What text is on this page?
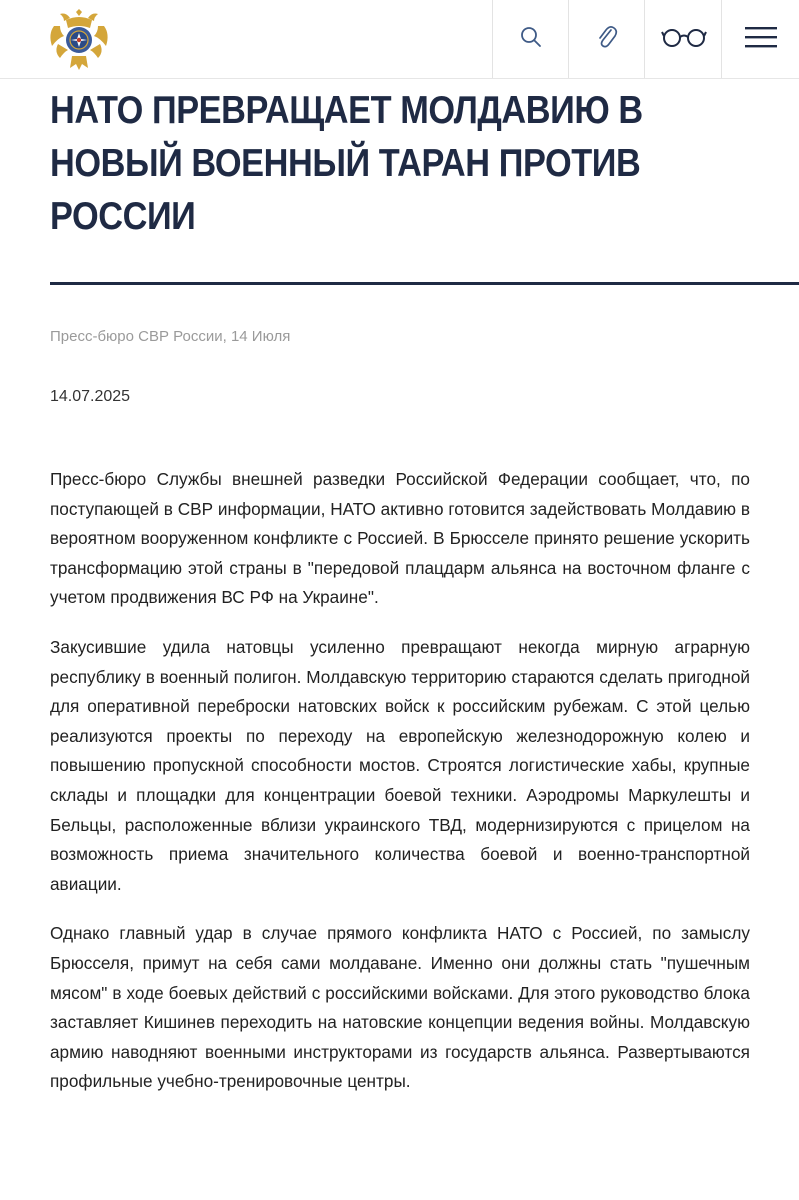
НАТО ПРЕВРАЩАЕТ МОЛДАВИЮ В НОВЫЙ ВОЕННЫЙ ТАРАН ПРОТИВ РОССИИ
Пресс-бюро СВР России, 14 Июля
14.07.2025

Пресс-бюро Службы внешней разведки Российской Федерации сообщает, что, по поступающей в СВР информации, НАТО активно готовится задействовать Молдавию в вероятном вооруженном конфликте с Россией. В Брюсселе принято решение ускорить трансформацию этой страны в "передовой плацдарм альянса на восточном фланге с учетом продвижения ВС РФ на Украине".

Закусившие удила натовцы усиленно превращают некогда мирную аграрную республику в военный полигон. Молдавскую территорию стараются сделать пригодной для оперативной переброски натовских войск к российским рубежам. С этой целью реализуются проекты по переходу на европейскую железнодорожную колею и повышению пропускной способности мостов. Строятся логистические хабы, крупные склады и площадки для концентрации боевой техники. Аэродромы Маркулешты и Бельцы, расположенные вблизи украинского ТВД, модернизируются с прицелом на возможность приема значительного количества боевой и военно-транспортной авиации.

Однако главный удар в случае прямого конфликта НАТО с Россией, по замыслу Брюсселя, примут на себя сами молдаване. Именно они должны стать "пушечным мясом" в ходе боевых действий с российскими войсками. Для этого руководство блока заставляет Кишинев переходить на натовские концепции ведения войны. Молдавскую армию наводняют военными инструкторами из государств альянса. Развертываются профильные учебно-тренировочные центры.
